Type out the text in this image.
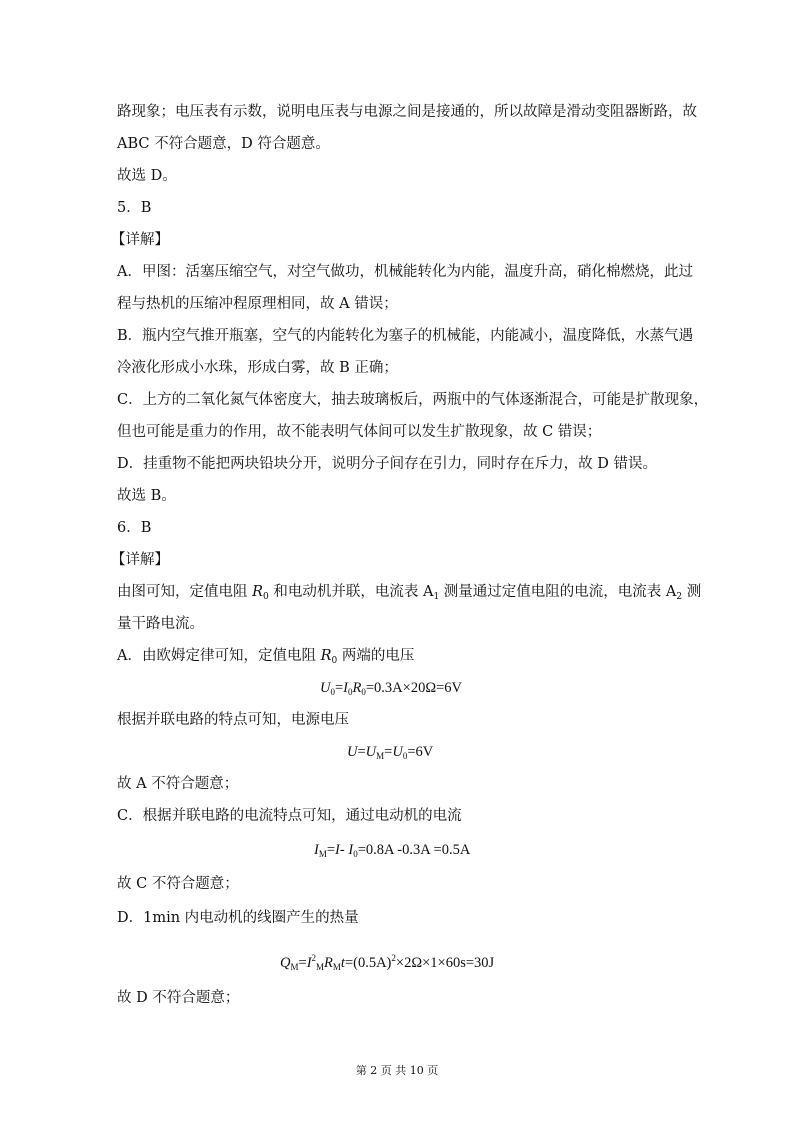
路现象；电压表有示数，说明电压表与电源之间是接通的，所以故障是滑动变阻器断路，故
ABC 不符合题意，D 符合题意。
故选 D。
5．B
【详解】
A．甲图：活塞压缩空气，对空气做功，机械能转化为内能，温度升高，硝化棉燃烧，此过
程与热机的压缩冲程原理相同，故 A 错误；
B．瓶内空气推开瓶塞，空气的内能转化为塞子的机械能，内能减小，温度降低，水蒸气遇
冷液化形成小水珠，形成白雾，故 B 正确；
C．上方的二氧化氮气体密度大，抽去玻璃板后，两瓶中的气体逐渐混合，可能是扩散现象，
但也可能是重力的作用，故不能表明气体间可以发生扩散现象，故 C 错误；
D．挂重物不能把两块铅块分开，说明分子间存在引力，同时存在斥力，故 D 错误。
故选 B。
6．B
【详解】
由图可知，定值电阻 $R_0$ 和电动机并联，电流表 $A_1$ 测量通过定值电阻的电流，电流表 $A_2$ 测
量干路电流。
A．由欧姆定律可知，定值电阻 $R_0$ 两端的电压
$U_0=I_0R_0=0.3A\times 20\Omega=6V$
根据并联电路的特点可知，电源电压
$U=U_M=U_0=6V$
故 A 不符合题意；
C．根据并联电路的电流特点可知，通过电动机的电流
$I_M=I-$ $I_0=0.8A$ -0.3A =0.5A
故 C 不符合题意；
D．1min 内电动机的线圈产生的热量
$Q_M=I^2_MR_Mt=(0.5A)^2\times 2\Omega\times 1\times 60s=30J$
故 D 不符合题意；
第 2 页 共 10 页
